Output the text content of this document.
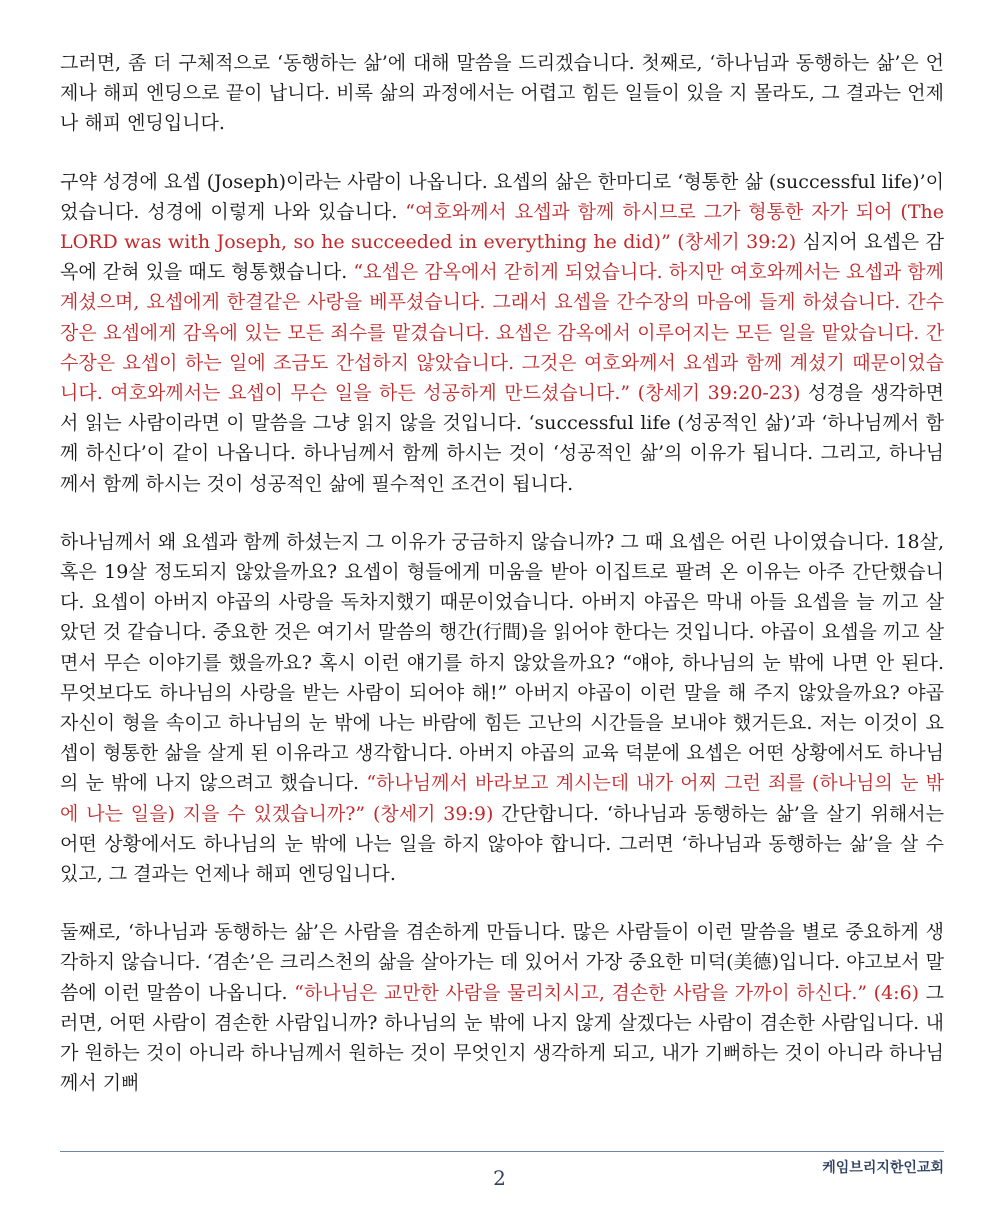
그러면, 좀 더 구체적으로 ‘동행하는 삶’에 대해 말씀을 드리겠습니다. 첫째로, ‘하나님과 동행하는 삶’은 언제나 해피 엔딩으로 끝이 납니다. 비록 삶의 과정에서는 어렵고 힘든 일들이 있을 지 몰라도, 그 결과는 언제나 해피 엔딩입니다.

구약 성경에 요셉 (Joseph)이라는 사람이 나옵니다. 요셉의 삶은 한마디로 ‘형통한 삶 (successful life)’이었습니다. 성경에 이렇게 나와 있습니다. “여호와께서 요셉과 함께 하시므로 그가 형통한 자가 되어 (The LORD was with Joseph, so he succeeded in everything he did)” (창세기 39:2) 심지어 요셉은 감옥에 갇혀 있을 때도 형통했습니다. “요셉은 감옥에서 갇히게 되었습니다. 하지만 여호와께서는 요셉과 함께 계셨으며, 요셉에게 한결같은 사랑을 베푸셨습니다. 그래서 요셉을 간수장의 마음에 들게 하셨습니다. 간수장은 요셉에게 감옥에 있는 모든 죄수를 맡겼습니다. 요셉은 감옥에서 이루어지는 모든 일을 맡았습니다. 간수장은 요셉이 하는 일에 조금도 간섭하지 않았습니다. 그것은 여호와께서 요셉과 함께 계셨기 때문이었습니다. 여호와께서는 요셉이 무슨 일을 하든 성공하게 만드셨습니다.” (창세기 39:20-23) 성경을 생각하면서 읽는 사람이라면 이 말씀을 그냥 읽지 않을 것입니다. ‘successful life (성공적인 삶)’과 ‘하나님께서 함께 하신다’이 같이 나옵니다. 하나님께서 함께 하시는 것이 ‘성공적인 삶’의 이유가 됩니다. 그리고, 하나님께서 함께 하시는 것이 성공적인 삶에 필수적인 조건이 됩니다.

하나님께서 왜 요셉과 함께 하셨는지 그 이유가 궁금하지 않습니까? 그 때 요셉은 어린 나이였습니다. 18살, 혹은 19살 정도되지 않았을까요? 요셉이 형들에게 미움을 받아 이집트로 팔려 온 이유는 아주 간단했습니다. 요셉이 아버지 야곱의 사랑을 독차지했기 때문이었습니다. 아버지 야곱은 막내 아들 요셉을 늘 끼고 살았던 것 같습니다. 중요한 것은 여기서 말씀의 행간(行間)을 읽어야 한다는 것입니다. 야곱이 요셉을 끼고 살면서 무슨 이야기를 했을까요? 혹시 이런 얘기를 하지 않았을까요? “얘야, 하나님의 눈 밖에 나면 안 된다. 무엇보다도 하나님의 사랑을 받는 사람이 되어야 해!” 아버지 야곱이 이런 말을 해 주지 않았을까요? 야곱 자신이 형을 속이고 하나님의 눈 밖에 나는 바람에 힘든 고난의 시간들을 보내야 했거든요. 저는 이것이 요셉이 형통한 삶을 살게 된 이유라고 생각합니다. 아버지 야곱의 교육 덕분에 요셉은 어떤 상황에서도 하나님의 눈 밖에 나지 않으려고 했습니다. “하나님께서 바라보고 계시는데 내가 어찌 그런 죄를 (하나님의 눈 밖에 나는 일을) 지을 수 있겠습니까?” (창세기 39:9) 간단합니다. ‘하나님과 동행하는 삶’을 살기 위해서는 어떤 상황에서도 하나님의 눈 밖에 나는 일을 하지 않아야 합니다. 그러면 ‘하나님과 동행하는 삶’을 살 수 있고, 그 결과는 언제나 해피 엔딩입니다.

둘째로, ‘하나님과 동행하는 삶’은 사람을 겸손하게 만듭니다. 많은 사람들이 이런 말씀을 별로 중요하게 생각하지 않습니다. ‘겸손’은 크리스천의 삶을 살아가는 데 있어서 가장 중요한 미덕(美德)입니다. 야고보서 말씀에 이런 말씀이 나옵니다. “하나님은 교만한 사람을 물리치시고, 겸손한 사람을 가까이 하신다.” (4:6) 그러면, 어떤 사람이 겸손한 사람입니까? 하나님의 눈 밖에 나지 않게 살겠다는 사람이 겸손한 사람입니다. 내가 원하는 것이 아니라 하나님께서 원하는 것이 무엇인지 생각하게 되고, 내가 기뻐하는 것이 아니라 하나님께서 기뻐

2	케임브리지한인교회
